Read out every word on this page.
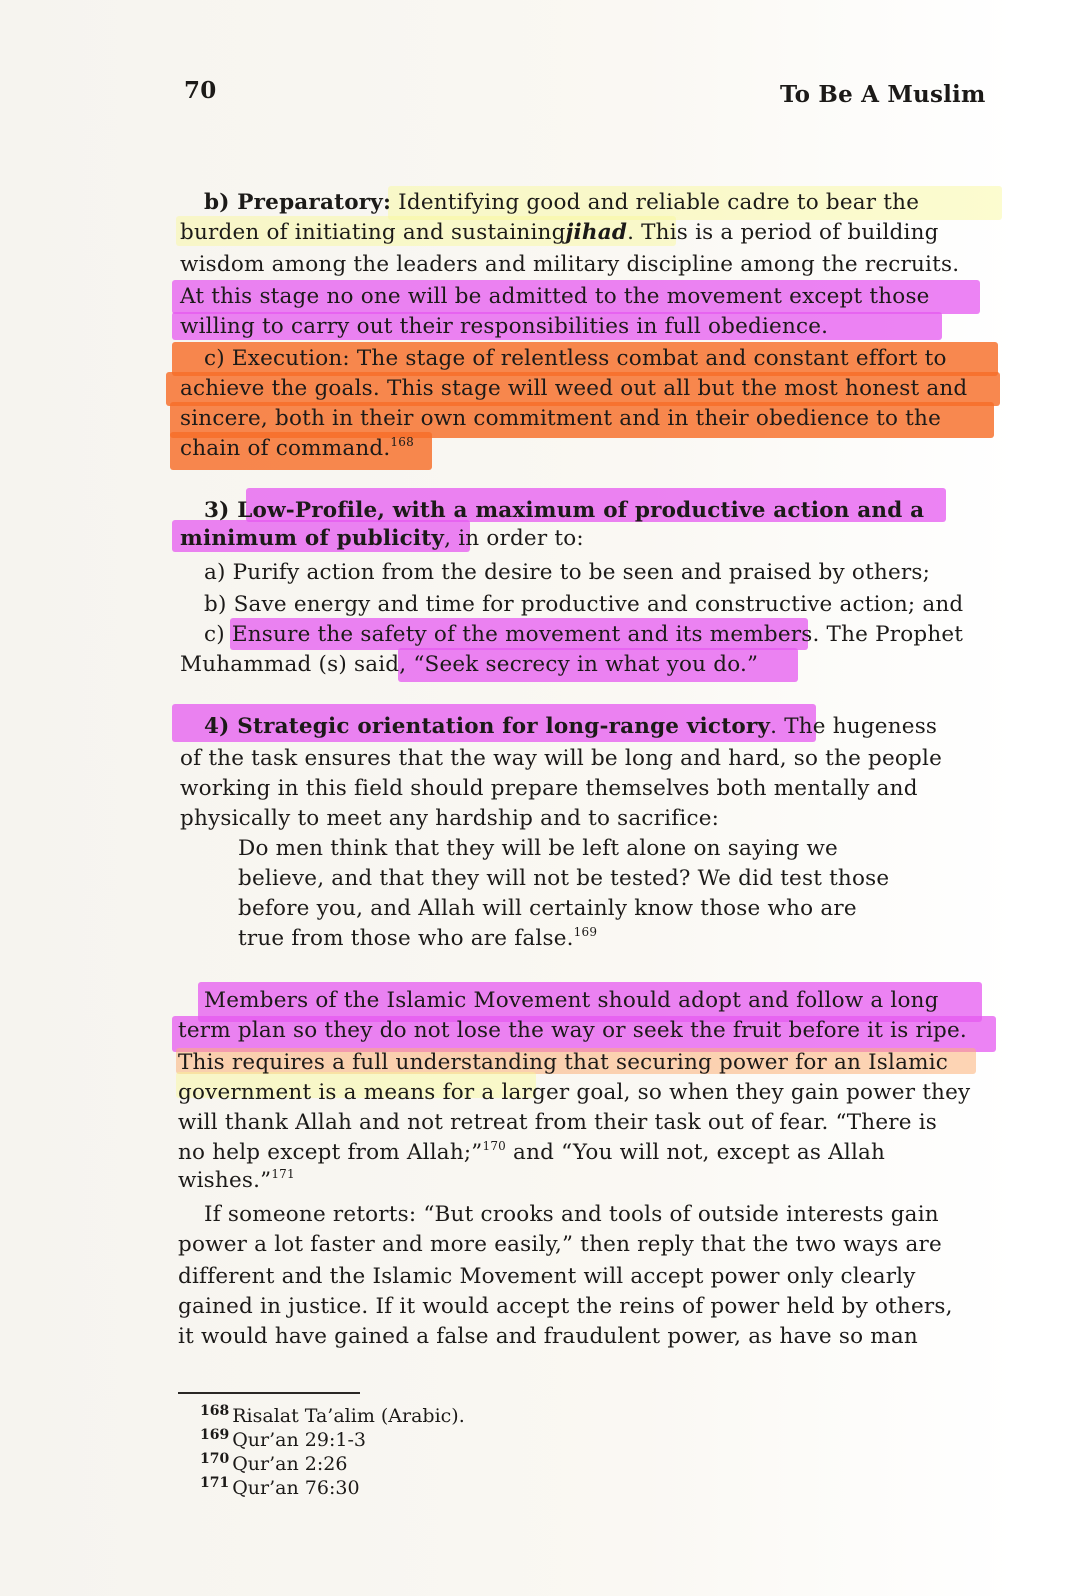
70	To Be A Muslim
b) Preparatory: Identifying good and reliable cadre to bear the
burden of initiating and sustainingjihad. This is a period of building
wisdom among the leaders and military discipline among the recruits.
At this stage no one will be admitted to the movement except those
willing to carry out their responsibilities in full obedience.
c) Execution: The stage of relentless combat and constant effort to
achieve the goals. This stage will weed out all but the most honest and
sincere, both in their own commitment and in their obedience to the
chain of command.$^{168}$
3) Low-Profile, with a maximum of productive action and a
minimum of publicity, in order to:
a) Purify action from the desire to be seen and praised by others;
b) Save energy and time for productive and constructive action; and
c) Ensure the safety of the movement and its members. The Prophet
Muhammad (s) said, “Seek secrecy in what you do.”
4) Strategic orientation for long-range victory. The hugeness
of the task ensures that the way will be long and hard, so the people
working in this field should prepare themselves both mentally and
physically to meet any hardship and to sacrifice:
Do men think that they will be left alone on saying we
believe, and that they will not be tested? We did test those
before you, and Allah will certainly know those who are
true from those who are false.$^{169}$
Members of the Islamic Movement should adopt and follow a long
term plan so they do not lose the way or seek the fruit before it is ripe.
This requires a full understanding that securing power for an Islamic
government is a means for a larger goal, so when they gain power they
will thank Allah and not retreat from their task out of fear. “There is
no help except from Allah;”$^{170}$ and “You will not, except as Allah
wishes.”$^{171}$
If someone retorts: “But crooks and tools of outside interests gain
power a lot faster and more easily,” then reply that the two ways are
different and the Islamic Movement will accept power only clearly
gained in justice. If it would accept the reins of power held by others,
it would have gained a false and fraudulent power, as have so man
$^{168}$ Risalat Ta’alim (Arabic).
$^{169}$ Qur’an 29:1-3
$^{170}$ Qur’an 2:26
$^{171}$ Qur’an 76:30
